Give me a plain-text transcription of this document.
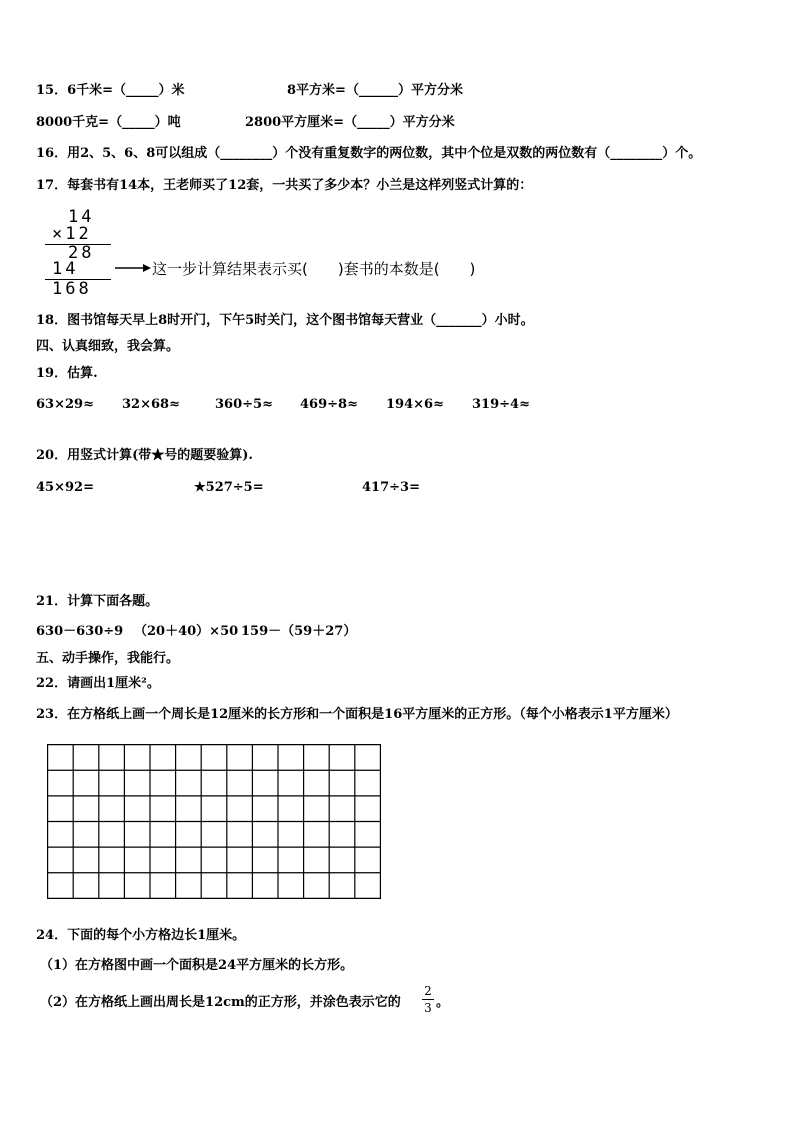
15．6千米=（_____）米	8平方米=（______）平方分米
8000千克=（_____）吨	2800平方厘米=（_____）平方分米
16．用2、5、6、8可以组成（________）个没有重复数字的两位数，其中个位是双数的两位数有（________）个。
17．每套书有14本，王老师买了12套，一共买了多少本？小兰是这样列竖式计算的：
14
×12
28
14
168
这一步计算结果表示买(　　)套书的本数是(　　)
18．图书馆每天早上8时开门，下午5时关门，这个图书馆每天营业（_______）小时。
四、认真细致，我会算。
19．估算.
63×29≈ 32×68≈	360÷5≈ 469÷8≈ 194×6≈ 319÷4≈
20．用竖式计算(带★号的题要验算).
45×92=	★527÷5=	417÷3=
21．计算下面各题。
630－630÷9 （20＋40）×50 159－（59＋27）
五、动手操作，我能行。
22．请画出1厘米²。
23．在方格纸上画一个周长是12厘米的长方形和一个面积是16平方厘米的正方形。（每个小格表示1平方厘米）
24．下面的每个小方格边长1厘米。
（1）在方格图中画一个面积是24平方厘米的长方形。
（2）在方格纸上画出周长是12cm的正方形，并涂色表示它的
2
3 。
